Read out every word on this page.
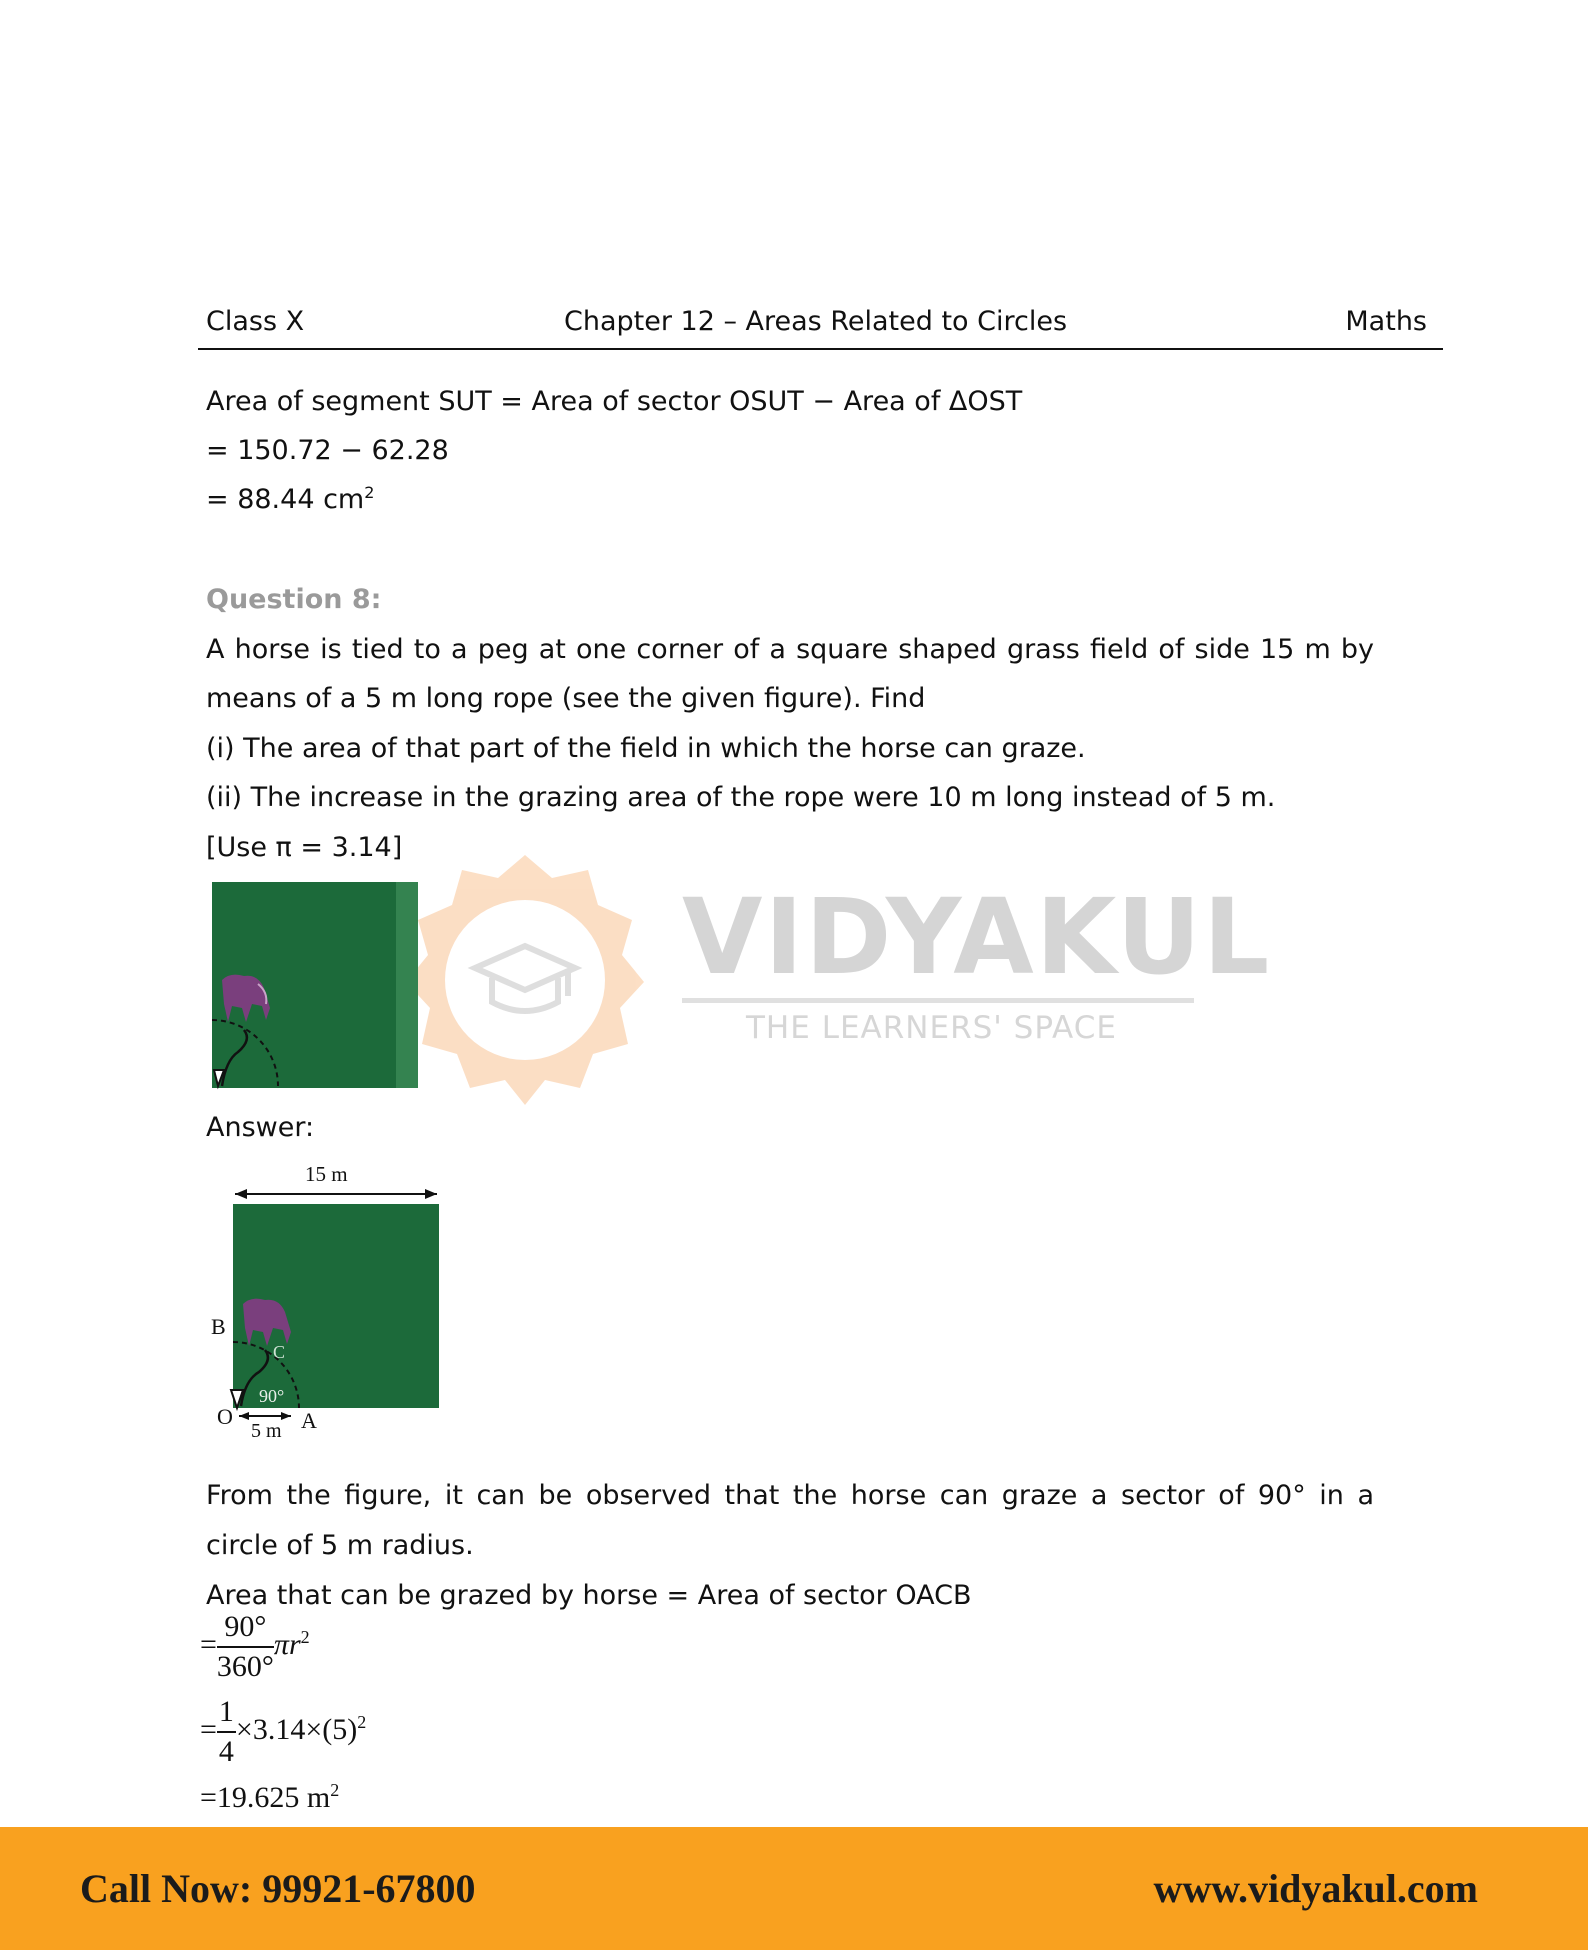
Class X	Chapter 12 – Areas Related to Circles	Maths
Area of segment SUT = Area of sector OSUT − Area of ΔOST
= 150.72 − 62.28
= 88.44 $cm^2$
VIDYAKUL
THE LEARNERS' SPACE
Question 8:
A horse is tied to a peg at one corner of a square shaped grass field of side 15 m by
means of a 5 m long rope (see the given figure). Find
(i) The area of that part of the field in which the horse can graze.
(ii) The increase in the grazing area of the rope were 10 m long instead of 5 m.
[Use π = 3.14]
Answer:
15 m
B
C
90°
O	A
5 m
From the figure, it can be observed that the horse can graze a sector of 90° in a
circle of 5 m radius.
Area that can be grazed by horse = Area of sector OACB
= $\frac{90^\circ}{360^\circ} \pi r^2$
= $\frac{1}{4} \times 3.14\times(5)^2$
=19.625 $m^2$
Call Now: 99921-67800	www.vidyakul.com
